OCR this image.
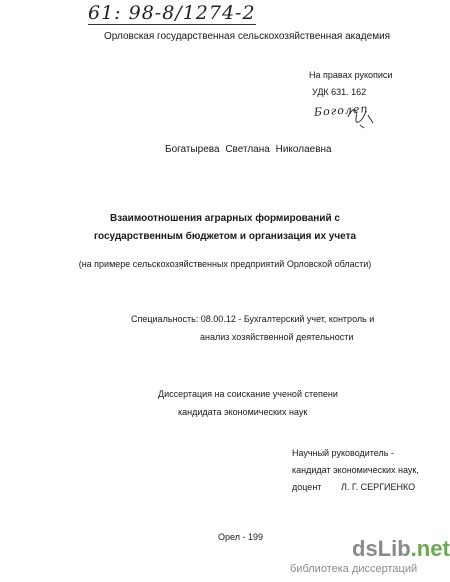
61: 98-8/1274-2
Орловская государственная сельскохозяйственная академия
На правах рукописи
УДК 631. 162
Боголеп
Богатырева Светлана Николаевна
Взаимоотношения аграрных формирований с
государственным бюджетом и организация их учета
(на примере сельскохозяйственных предприятий Орловской области)
Специальность: 08.00.12 - Бухгалтерский учет, контроль и
анализ хозяйственной деятельности
Диссертация на соискание ученой степени
кандидата экономических наук
Научный руководитель -
кандидат экономических наук,
доцент Л. Г. СЕРГИЕНКО
Орел - 199	dsLib.net
библиотека диссертаций
